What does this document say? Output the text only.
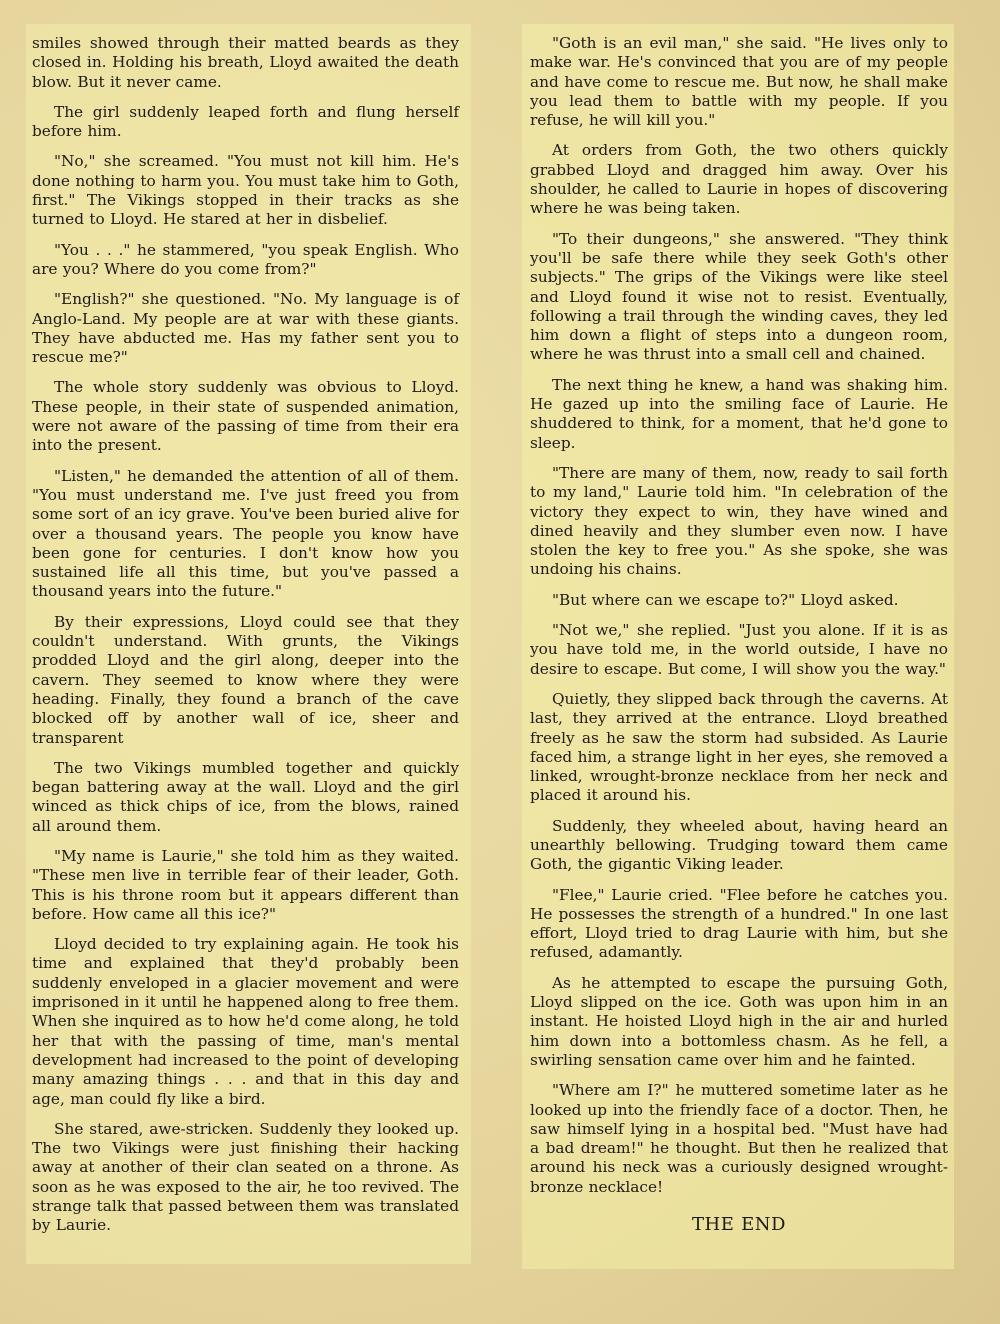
smiles showed through their matted beards as they closed in. Holding his breath, Lloyd awaited the death blow. But it never came.

The girl suddenly leaped forth and flung herself before him.

"No," she screamed. "You must not kill him. He's done nothing to harm you. You must take him to Goth, first." The Vikings stopped in their tracks as she turned to Lloyd. He stared at her in disbelief.

"You . . ." he stammered, "you speak English. Who are you? Where do you come from?"

"English?" she questioned. "No. My language is of Anglo-Land. My people are at war with these giants. They have abducted me. Has my father sent you to rescue me?"

The whole story suddenly was obvious to Lloyd. These people, in their state of suspended animation, were not aware of the passing of time from their era into the present.

"Listen," he demanded the attention of all of them. "You must understand me. I've just freed you from some sort of an icy grave. You've been buried alive for over a thousand years. The people you know have been gone for centuries. I don't know how you sustained life all this time, but you've passed a thousand years into the future."

By their expressions, Lloyd could see that they couldn't understand. With grunts, the Vikings prodded Lloyd and the girl along, deeper into the cavern. They seemed to know where they were heading. Finally, they found a branch of the cave blocked off by another wall of ice, sheer and transparent

The two Vikings mumbled together and quickly began battering away at the wall. Lloyd and the girl winced as thick chips of ice, from the blows, rained all around them.

"My name is Laurie," she told him as they waited. "These men live in terrible fear of their leader, Goth. This is his throne room but it appears different than before. How came all this ice?"

Lloyd decided to try explaining again. He took his time and explained that they'd probably been suddenly enveloped in a glacier movement and were imprisoned in it until he happened along to free them. When she inquired as to how he'd come along, he told her that with the passing of time, man's mental development had increased to the point of developing many amazing things . . . and that in this day and age, man could fly like a bird.

She stared, awe-stricken. Suddenly they looked up. The two Vikings were just finishing their hacking away at another of their clan seated on a throne. As soon as he was exposed to the air, he too revived. The strange talk that passed between them was translated by Laurie.

"Goth is an evil man," she said. "He lives only to make war. He's convinced that you are of my people and have come to rescue me. But now, he shall make you lead them to battle with my people. If you refuse, he will kill you."

At orders from Goth, the two others quickly grabbed Lloyd and dragged him away. Over his shoulder, he called to Laurie in hopes of discovering where he was being taken.

"To their dungeons," she answered. "They think you'll be safe there while they seek Goth's other subjects." The grips of the Vikings were like steel and Lloyd found it wise not to resist. Eventually, following a trail through the winding caves, they led him down a flight of steps into a dungeon room, where he was thrust into a small cell and chained.

The next thing he knew, a hand was shaking him. He gazed up into the smiling face of Laurie. He shuddered to think, for a moment, that he'd gone to sleep.

"There are many of them, now, ready to sail forth to my land," Laurie told him. "In celebration of the victory they expect to win, they have wined and dined heavily and they slumber even now. I have stolen the key to free you." As she spoke, she was undoing his chains.

"But where can we escape to?" Lloyd asked.

"Not we," she replied. "Just you alone. If it is as you have told me, in the world outside, I have no desire to escape. But come, I will show you the way."

Quietly, they slipped back through the caverns. At last, they arrived at the entrance. Lloyd breathed freely as he saw the storm had subsided. As Laurie faced him, a strange light in her eyes, she removed a linked, wrought-bronze necklace from her neck and placed it around his.

Suddenly, they wheeled about, having heard an unearthly bellowing. Trudging toward them came Goth, the gigantic Viking leader.

"Flee," Laurie cried. "Flee before he catches you. He possesses the strength of a hundred." In one last effort, Lloyd tried to drag Laurie with him, but she refused, adamantly.

As he attempted to escape the pursuing Goth, Lloyd slipped on the ice. Goth was upon him in an instant. He hoisted Lloyd high in the air and hurled him down into a bottomless chasm. As he fell, a swirling sensation came over him and he fainted.

"Where am I?" he muttered sometime later as he looked up into the friendly face of a doctor. Then, he saw himself lying in a hospital bed. "Must have had a bad dream!" he thought. But then he realized that around his neck was a curiously designed wrought-bronze necklace!

THE END
